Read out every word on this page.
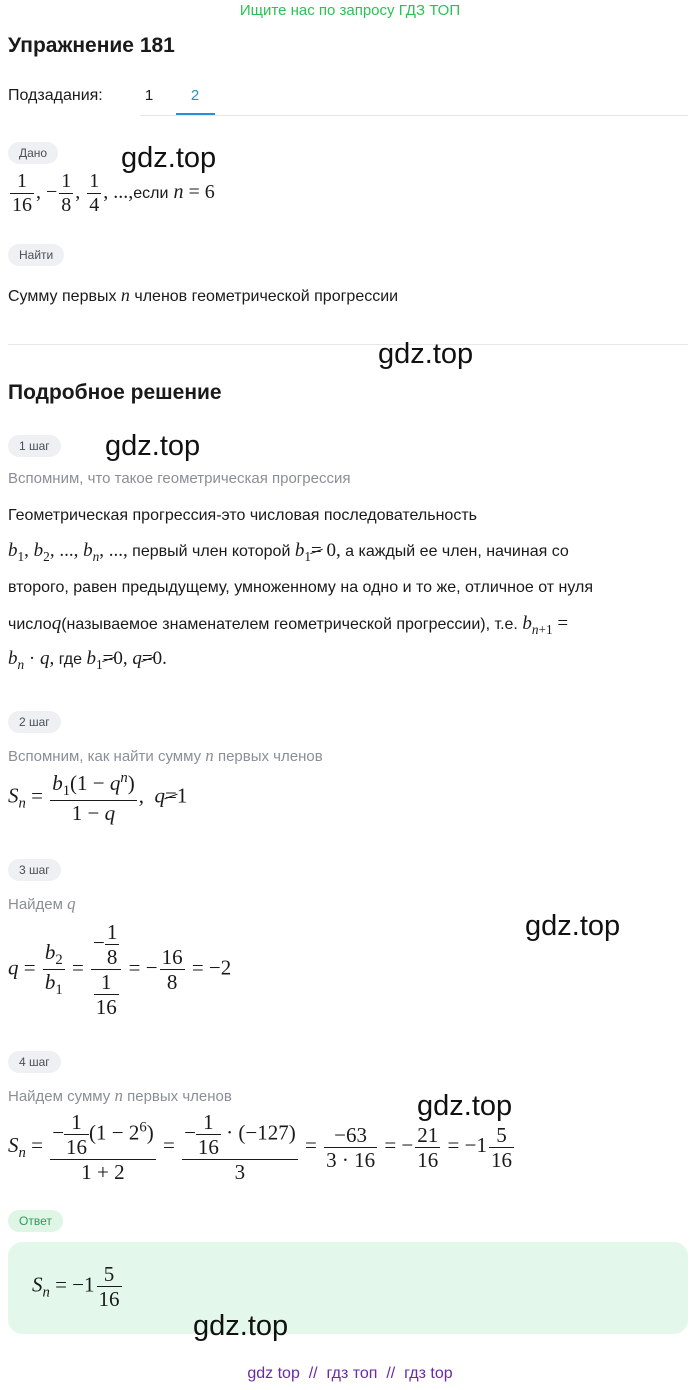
Ищите нас по запросу ГДЗ ТОП
Упражнение 181
Подзадания:	1	2
Дано
$\frac{1}{16}$ , − $\frac{1}{8}$ , $\frac{1}{4}$ , ...,если n = 6
Найти
Сумму первых n членов геометрической прогрессии
Подробное решение
1 шаг
Вспомним, что такое геометрическая прогрессия
Геометрическая прогрессия-это числовая последовательность
$b_1$, $b_2$, ..., $b_n$, ..., первый член которой $b_1= 0$, а каждый ее член, начиная со
второго, равен предыдущему, умноженному на одно и то же, отличное от нуля
числоq(называемое знаменателем геометрической прогрессии), т.е. $b_{n+1}$ =
$b_n \cdot q$, где $b_1=0$, q=0.
2 шаг
Вспомним, как найти сумму n первых членов
$S_n = \frac{b_1(1 - q^n)}{1 - q}$ ,  q=1
3 шаг
Найдем q
$q = \frac{b_2}{b_1} = \frac{- \frac{1}{8}}{\frac{1}{16}}$ = − $\frac{16}{8} = -2$
4 шаг
Найдем сумму n первых членов
$S_n = \frac{- \frac{1}{16} (1 - 2^6)}{1 + 2} = \frac{- \frac{1}{16} \cdot (-127)}{3} = \frac{-63}{3 \cdot 16}$ = − $\frac{21}{16} = -1 \frac{5}{16}$
Ответ
$S_n = -1 \frac{5}{16}$
gdz.top
gdz.top
gdz.top
gdz.top
gdz.top
gdz.top
gdz top // гдз топ // гдз top
